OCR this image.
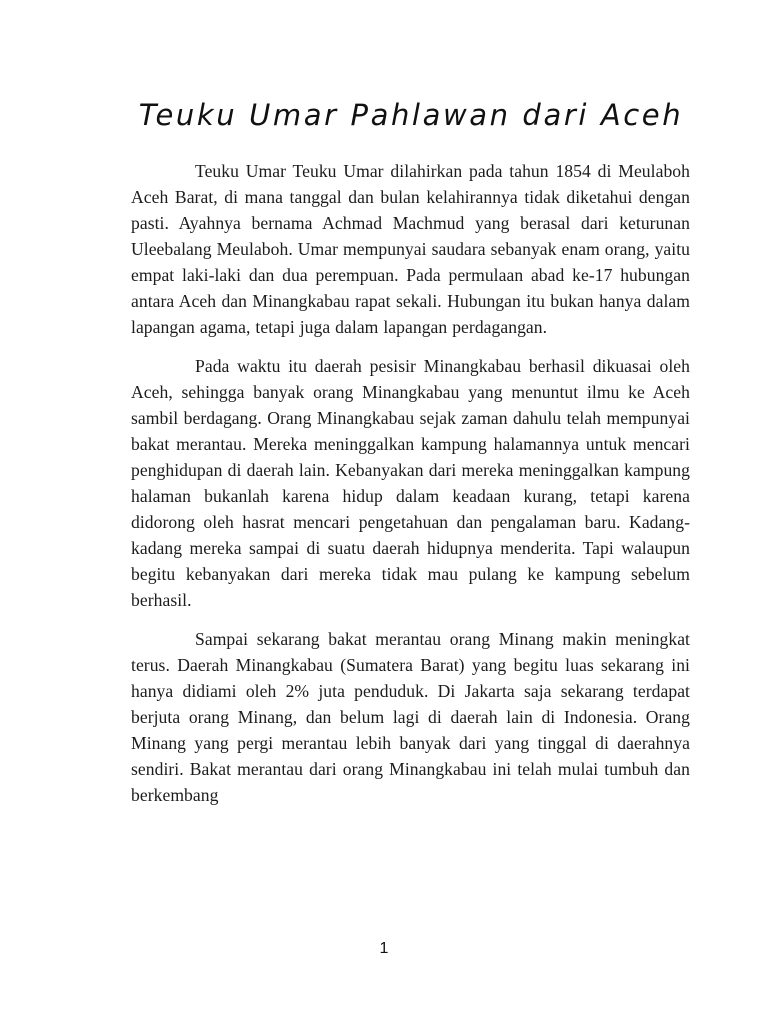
Teuku Umar Pahlawan dari Aceh

Teuku Umar Teuku Umar dilahirkan pada tahun 1854 di Meulaboh Aceh Barat, di mana tanggal dan bulan kelahirannya tidak diketahui dengan pasti. Ayahnya bernama Achmad Machmud yang berasal dari keturunan Uleebalang Meulaboh. Umar mempunyai saudara sebanyak enam orang, yaitu empat laki-laki dan dua perempuan. Pada permulaan abad ke-17 hubungan antara Aceh dan Minangkabau rapat sekali. Hubungan itu bukan hanya dalam lapangan agama, tetapi juga dalam lapangan perdagangan.

Pada waktu itu daerah pesisir Minangkabau berhasil dikuasai oleh Aceh, sehingga banyak orang Minangkabau yang menuntut ilmu ke Aceh sambil berdagang. Orang Minangkabau sejak zaman dahulu telah mempunyai bakat merantau. Mereka meninggalkan kampung halamannya untuk mencari penghidupan di daerah lain. Kebanyakan dari mereka meninggalkan kampung halaman bukanlah karena hidup dalam keadaan kurang, tetapi karena didorong oleh hasrat mencari pengetahuan dan pengalaman baru. Kadang-kadang mereka sampai di suatu daerah hidupnya menderita. Tapi walaupun begitu kebanyakan dari mereka tidak mau pulang ke kampung sebelum berhasil.

Sampai sekarang bakat merantau orang Minang makin meningkat terus. Daerah Minangkabau (Sumatera Barat) yang begitu luas sekarang ini hanya didiami oleh 2% juta penduduk. Di Jakarta saja sekarang terdapat berjuta orang Minang, dan belum lagi di daerah lain di Indonesia. Orang Minang yang pergi merantau lebih banyak dari yang tinggal di daerahnya sendiri. Bakat merantau dari orang Minangkabau ini telah mulai tumbuh dan berkembang

1
